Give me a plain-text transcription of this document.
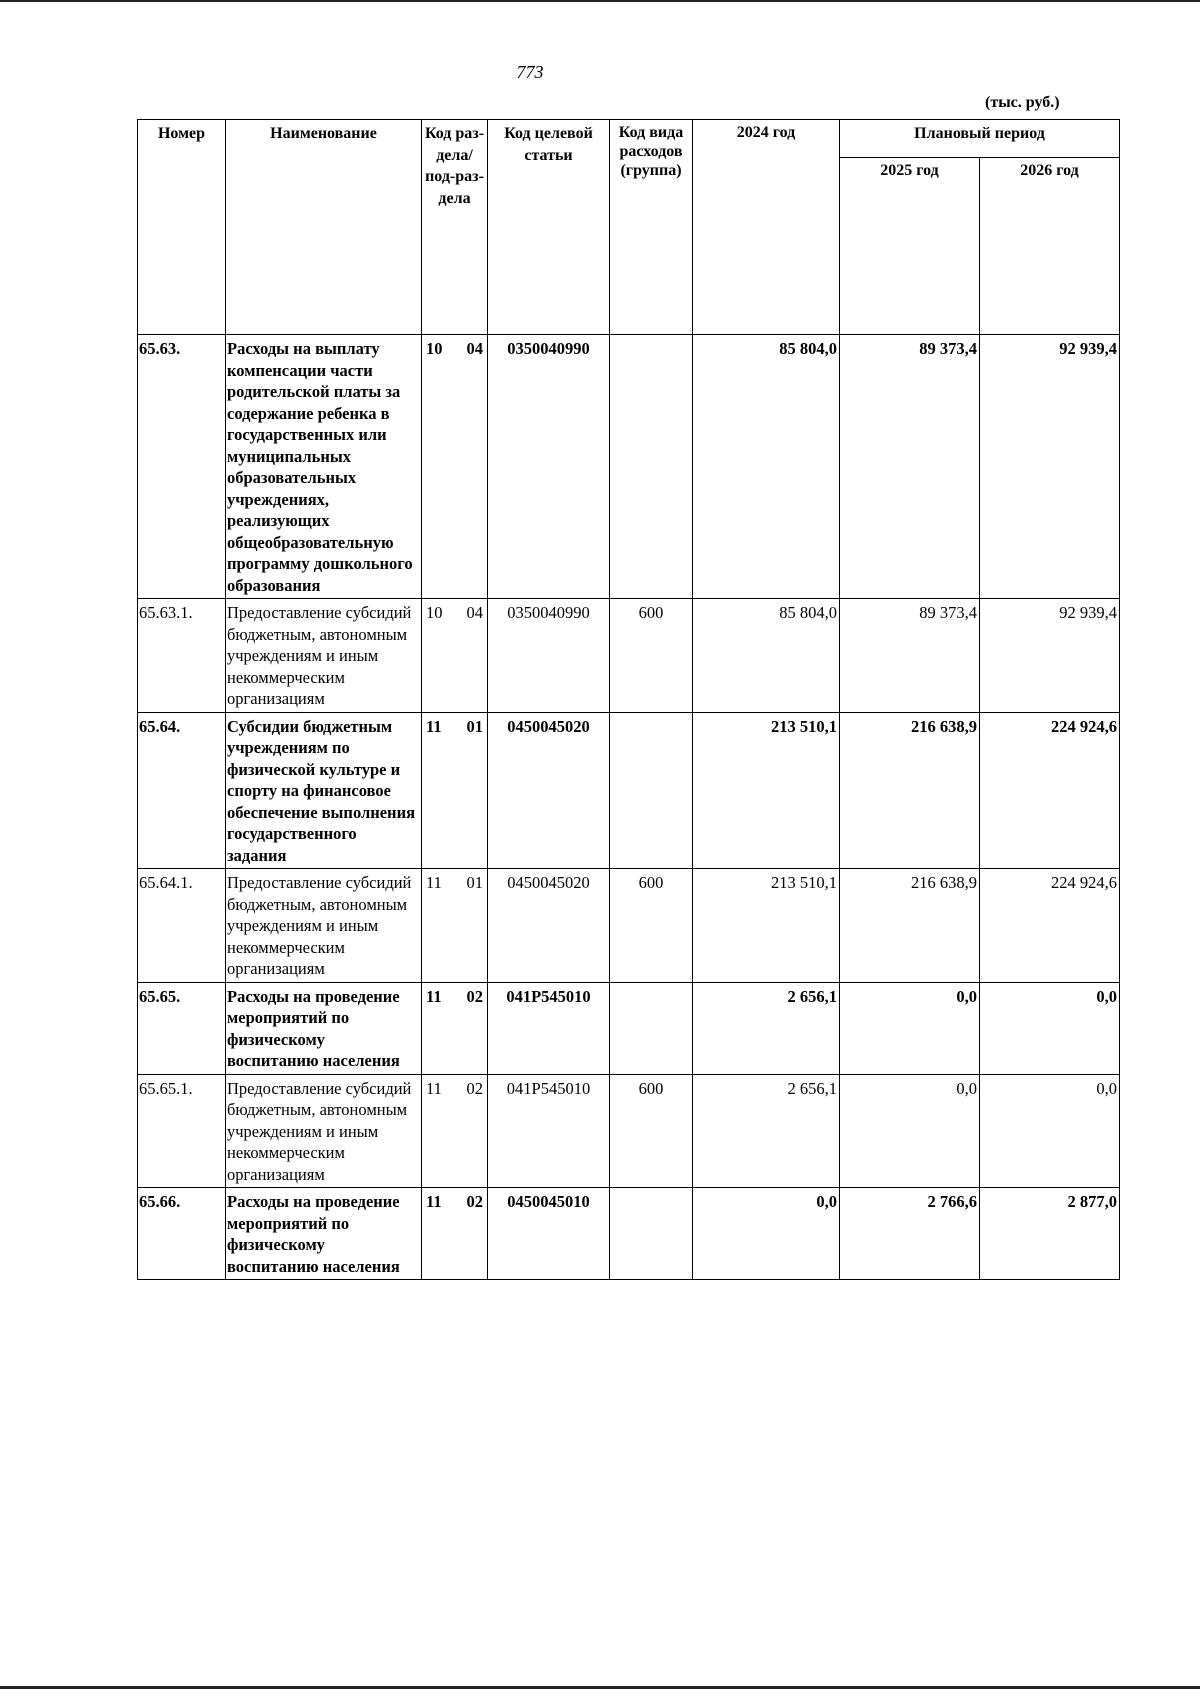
773
(тыс. руб.)
Номер	Наименование	Код раз-дела/ под-раз-дела	Код целевой статьи	Код вида расходов (группа)	2024 год	Плановый период	
						2025 год	2026 год
65.63.	Расходы на выплату компенсации части родительской платы за содержание ребенка в государственных или муниципальных образовательных учреждениях, реализующих общеобразовательную программу дошкольного образования	10 04	0350040990		85 804,0	89 373,4	92 939,4
65.63.1.	Предоставление субсидий бюджетным, автономным учреждениям и иным некоммерческим организациям	10 04	0350040990	600	85 804,0	89 373,4	92 939,4
65.64.	Субсидии бюджетным учреждениям по физической культуре и спорту на финансовое обеспечение выполнения государственного задания	11 01	0450045020		213 510,1	216 638,9	224 924,6
65.64.1.	Предоставление субсидий бюджетным, автономным учреждениям и иным некоммерческим организациям	11 01	0450045020	600	213 510,1	216 638,9	224 924,6
65.65.	Расходы на проведение мероприятий по физическому воспитанию населения	11 02	041P545010		2 656,1	0,0	0,0
65.65.1.	Предоставление субсидий бюджетным, автономным учреждениям и иным некоммерческим организациям	11 02	041P545010	600	2 656,1	0,0	0,0
65.66.	Расходы на проведение мероприятий по физическому воспитанию населения	11 02	0450045010		0,0	2 766,6	2 877,0
